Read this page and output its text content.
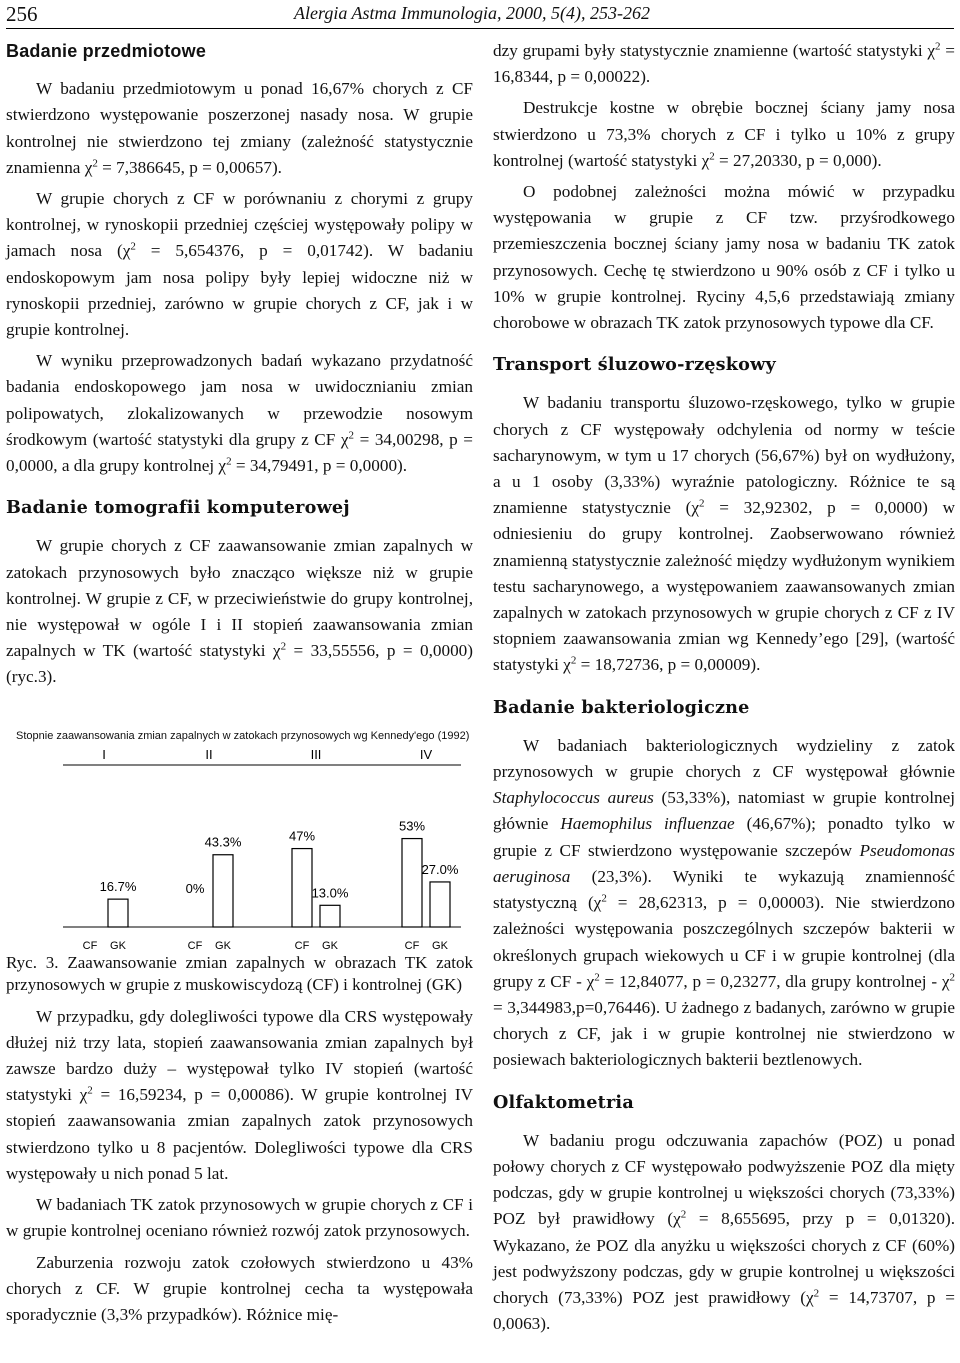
256	Alergia Astma Immunologia, 2000, 5(4), 253-262
Badanie przedmiotowe

W badaniu przedmiotowym u ponad 16,67% chorych z CF stwierdzono występowanie poszerzonej nasady nosa. W grupie kontrolnej nie stwierdzono tej zmiany (zależność statystycznie znamienna $\chi^2 = 7,386645$, p = 0,00657).

W grupie chorych z CF w porównaniu z chorymi z grupy kontrolnej, w rynoskopii przedniej częściej występowały polipy w jamach nosa ($\chi^2 = 5,654376$, p = 0,01742). W badaniu endoskopowym jam nosa polipy były lepiej widoczne niż w rynoskopii przedniej, zarówno w grupie chorych z CF, jak i w grupie kontrolnej.

W wyniku przeprowadzonych badań wykazano przydatność badania endoskopowego jam nosa w uwidocznianiu zmian polipowatych, zlokalizowanych w przewodzie nosowym środkowym (wartość statystyki dla grupy z CF $\chi^2 = 34,00298$, p = 0,0000, a dla grupy kontrolnej $\chi^2 = 34,79491$, p = 0,0000).

Badanie tomografii komputerowej

W grupie chorych z CF zaawansowanie zmian zapalnych w zatokach przynosowych było znacząco większe niż w grupie kontrolnej. W grupie z CF, w przeciwieństwie do grupy kontrolnej, nie występował w ogóle I i II stopień zaawansowania zmian zapalnych w TK (wartość statystyki $\chi^2 = 33,55556$, p = 0,0000) (ryc.3).

Stopnie zaawansowania zmian zapalnych w zatokach przynosowych wg Kennedy'ego (1992)
I	II	III	IV
CF
16.7%
GK
0%
CF
43.3%
GK
47%
CF
13.0%
GK
53%
CF
27.0%
GK

Ryc. 3. Zaawansowanie zmian zapalnych w obrazach TK zatok przynosowych w grupie z muskowiscydozą (CF) i kontrolnej (GK)

W przypadku, gdy dolegliwości typowe dla CRS występowały dłużej niż trzy lata, stopień zaawansowania zmian zapalnych był zawsze bardzo duży – występował tylko IV stopień (wartość statystyki $\chi^2 = 16,59234$, p = 0,00086). W grupie kontrolnej IV stopień zaawansowania zmian zapalnych zatok przynosowych stwierdzono tylko u 8 pacjentów. Dolegliwości typowe dla CRS występowały u nich ponad 5 lat.

W badaniach TK zatok przynosowych w grupie chorych z CF i w grupie kontrolnej oceniano również rozwój zatok przynosowych.

Zaburzenia rozwoju zatok czołowych stwierdzono u 43% chorych z CF. W grupie kontrolnej cecha ta występowała sporadycznie (3,3% przypadków). Różnice mię-

dzy grupami były statystycznie znamienne (wartość statystyki $\chi^2 = 16,8344$, p = 0,00022).

Destrukcje kostne w obrębie bocznej ściany jamy nosa stwierdzono u 73,3% chorych z CF i tylko u 10% z grupy kontrolnej (wartość statystyki $\chi^2 = 27,20330$, p = 0,000).

O podobnej zależności można mówić w przypadku występowania w grupie z CF tzw. przyśrodkowego przemieszczenia bocznej ściany jamy nosa w badaniu TK zatok przynosowych. Cechę tę stwierdzono u 90% osób z CF i tylko u 10% w grupie kontrolnej. Ryciny 4,5,6 przedstawiają zmiany chorobowe w obrazach TK zatok przynosowych typowe dla CF.

Transport śluzowo-rzęskowy

W badaniu transportu śluzowo-rzęskowego, tylko w grupie chorych z CF występowały odchylenia od normy w teście sacharynowym, w tym u 17 chorych (56,67%) był on wydłużony, a u 1 osoby (3,33%) wyraźnie patologiczny. Różnice te są znamienne statystycznie ($\chi^2 = 32,92302$, p = 0,0000) w odniesieniu do grupy kontrolnej. Zaobserwowano również znamienną statystycznie zależność między wydłużonym wynikiem testu sacharynowego, a występowaniem zaawansowanych zmian zapalnych w zatokach przynosowych w grupie chorych z CF z IV stopniem zaawansowania zmian wg Kennedy’ego [29], (wartość statystyki $\chi^2 = 18,72736$, p = 0,00009).

Badanie bakteriologiczne

W badaniach bakteriologicznych wydzieliny z zatok przynosowych w grupie chorych z CF występował głównie Staphylococcus aureus (53,33%), natomiast w grupie kontrolnej głównie Haemophilus influenzae (46,67%); ponadto tylko w grupie z CF stwierdzono występowanie szczepów Pseudomonas aeruginosa (23,3%). Wyniki te wykazują znamienność statystyczną ($\chi^2 = 28,62313$, p = 0,00003). Nie stwierdzono zależności występowania poszczególnych szczepów bakterii w określonych grupach wiekowych u CF i w grupie kontrolnej (dla grupy z CF - $\chi^2 = 12,84077$, p = 0,23277, dla grupy kontrolnej - $\chi^2 = 3,344983,p=0,76446$). U żadnego z badanych, zarówno w grupie chorych z CF, jak i w grupie kontrolnej nie stwierdzono w posiewach bakteriologicznych bakterii beztlenowych.

Olfaktometria

W badaniu progu odczuwania zapachów (POZ) u ponad połowy chorych z CF występowało podwyższenie POZ dla mięty podczas, gdy w grupie kontrolnej u większości chorych (73,33%) POZ był prawidłowy ($\chi^2 = 8,655695$, przy p = 0,01320). Wykazano, że POZ dla anyżku u większości chorych z CF (60%) jest podwyższony podczas, gdy w grupie kontrolnej u większości chorych (73,33%) POZ jest prawidłowy ($\chi^2 = 14,73707$, p = 0,0063).
